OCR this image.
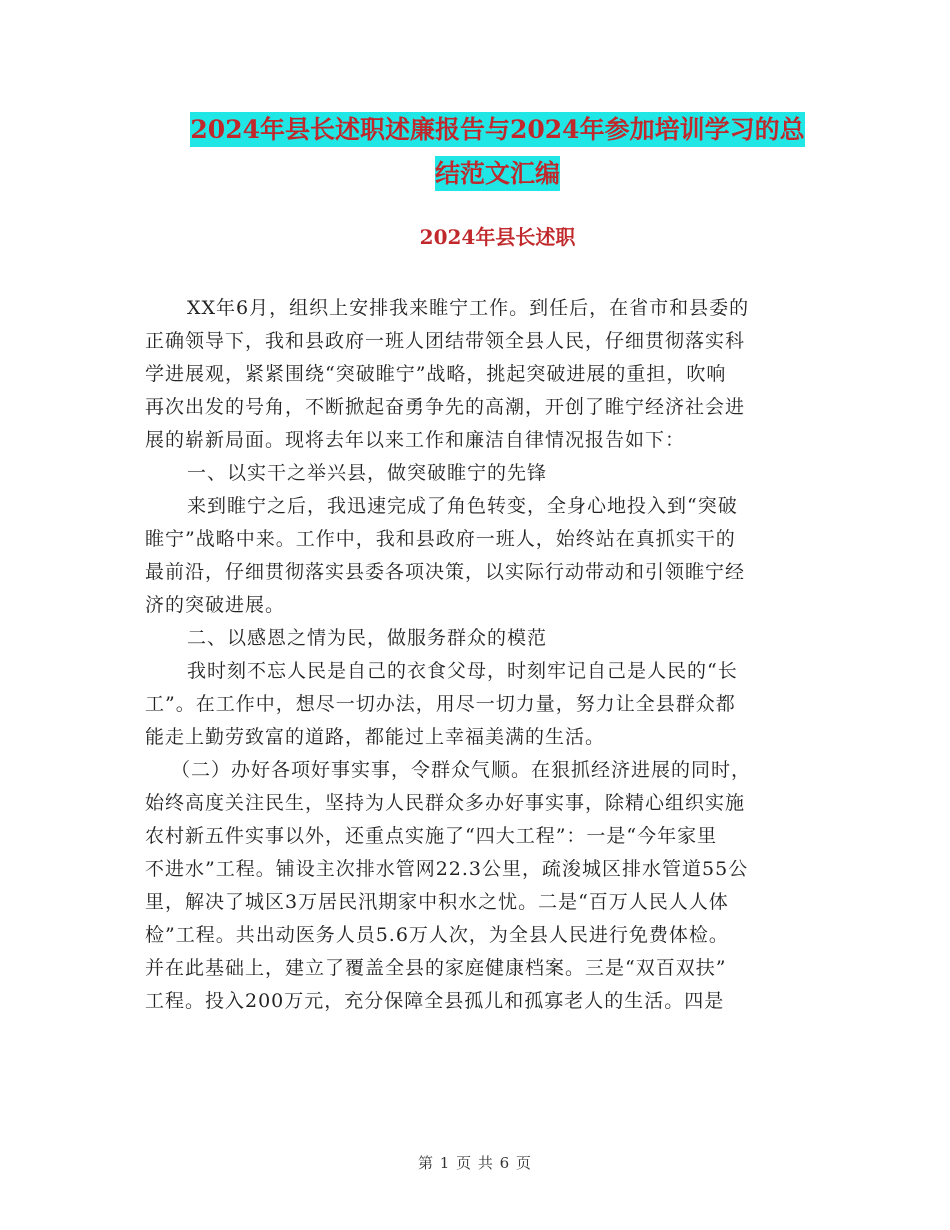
2024年县长述职述廉报告与2024年参加培训学习的总
结范文汇编
2024年县长述职
XX年6月，组织上安排我来睢宁工作。到任后，在省市和县委的
正确领导下，我和县政府一班人团结带领全县人民，仔细贯彻落实科
学进展观，紧紧围绕“突破睢宁”战略，挑起突破进展的重担，吹响
再次出发的号角，不断掀起奋勇争先的高潮，开创了睢宁经济社会进
展的崭新局面。现将去年以来工作和廉洁自律情况报告如下：
一、以实干之举兴县，做突破睢宁的先锋
来到睢宁之后，我迅速完成了角色转变，全身心地投入到“突破
睢宁”战略中来。工作中，我和县政府一班人，始终站在真抓实干的
最前沿，仔细贯彻落实县委各项决策，以实际行动带动和引领睢宁经
济的突破进展。
二、以感恩之情为民，做服务群众的模范
我时刻不忘人民是自己的衣食父母，时刻牢记自己是人民的“长
工”。在工作中，想尽一切办法，用尽一切力量，努力让全县群众都
能走上勤劳致富的道路，都能过上幸福美满的生活。
（二）办好各项好事实事，令群众气顺。在狠抓经济进展的同时，
始终高度关注民生，坚持为人民群众多办好事实事，除精心组织实施
农村新五件实事以外，还重点实施了“四大工程”：一是“今年家里
不进水”工程。铺设主次排水管网22.3公里，疏浚城区排水管道55公
里，解决了城区3万居民汛期家中积水之忧。二是“百万人民人人体
检”工程。共出动医务人员5.6万人次，为全县人民进行免费体检。
并在此基础上，建立了覆盖全县的家庭健康档案。三是“双百双扶”
工程。投入200万元，充分保障全县孤儿和孤寡老人的生活。四是
第 1 页 共 6 页
